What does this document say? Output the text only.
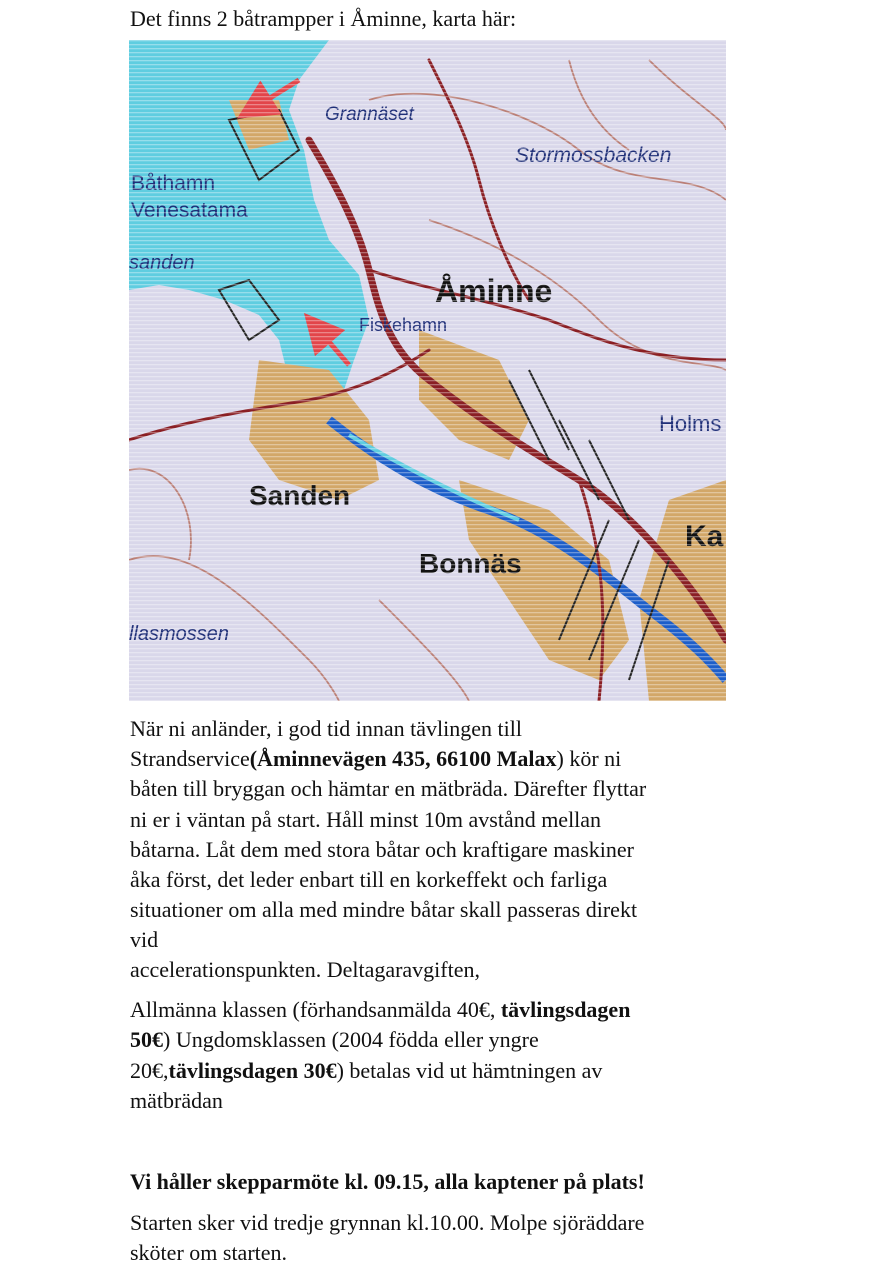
Det finns 2 båtrampper i Åminne, karta här:
När ni anländer, i god tid innan tävlingen till
Strandservice(Åminnevägen 435, 66100 Malax) kör ni
båten till bryggan och hämtar en mätbräda. Därefter flyttar
ni er i väntan på start. Håll minst 10m avstånd mellan
båtarna. Låt dem med stora båtar och kraftigare maskiner
åka först, det leder enbart till en korkeffekt och farliga
situationer om alla med mindre båtar skall passeras direkt
vid
accelerationspunkten. Deltagaravgiften,
Allmänna klassen (förhandsanmälda 40€, tävlingsdagen
50€) Ungdomsklassen (2004 födda eller yngre
20€,tävlingsdagen 30€) betalas vid ut hämtningen av
mätbrädan
Vi håller skepparmöte kl. 09.15, alla kaptener på plats!
Starten sker vid tredje grynnan kl.10.00. Molpe sjöräddare
sköter om starten.
